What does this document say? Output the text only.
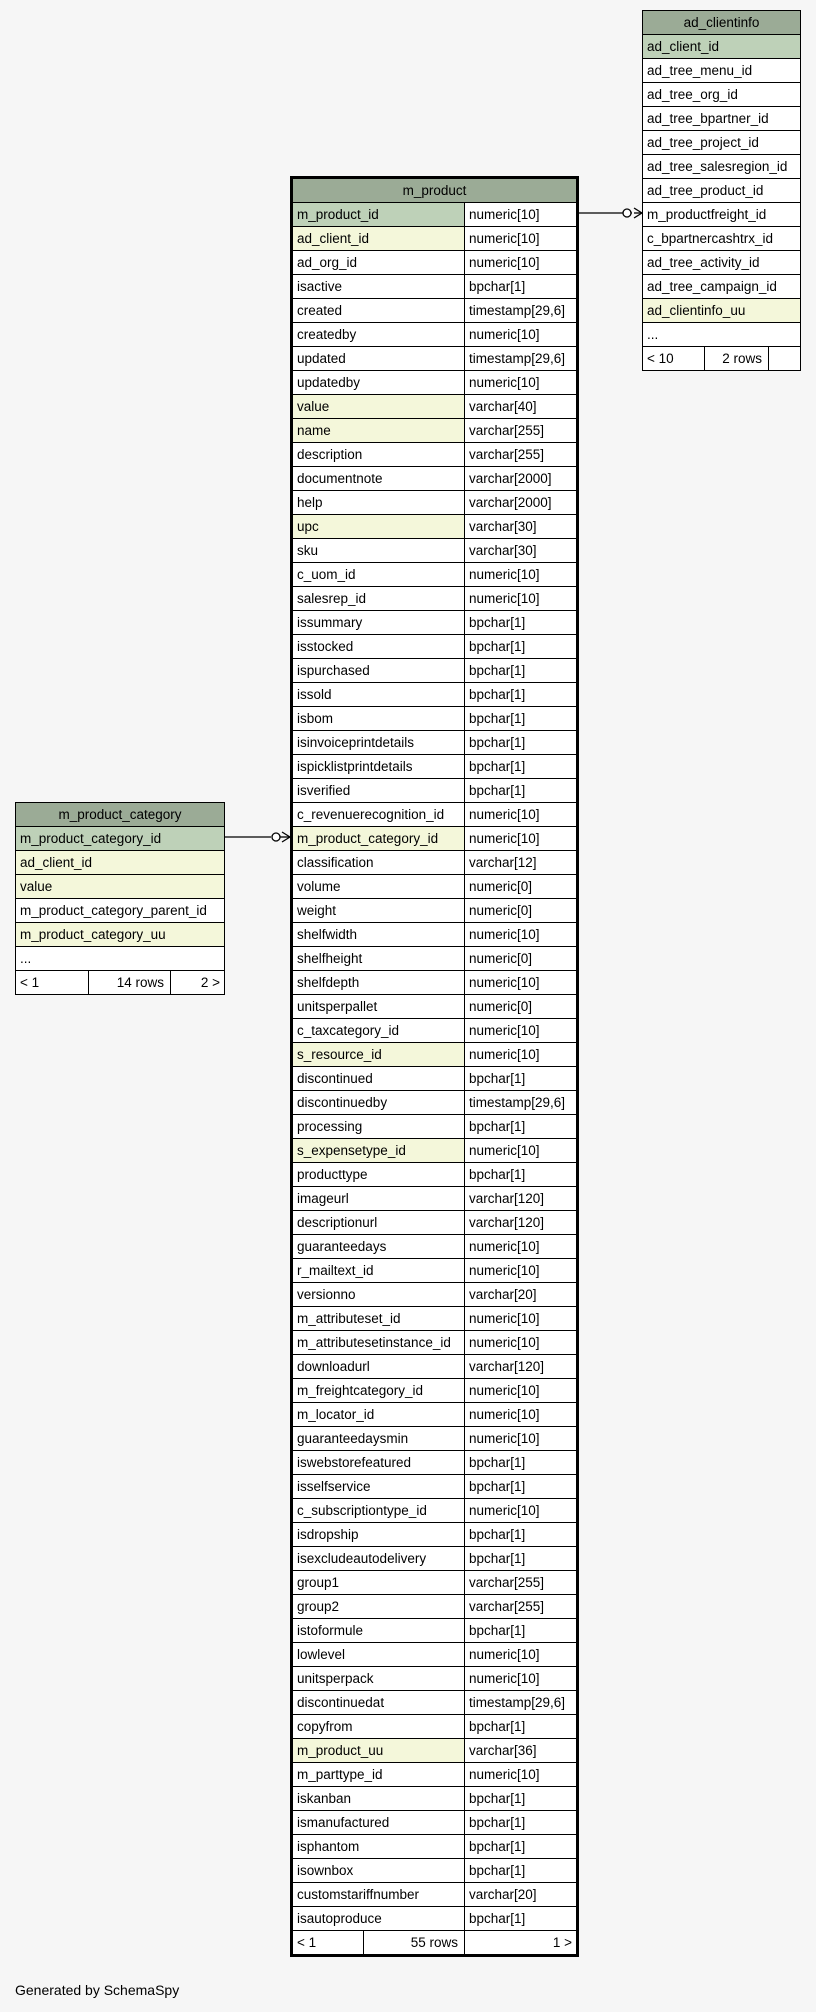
ad_clientinfo
ad_client_id
ad_tree_menu_id
ad_tree_org_id
ad_tree_bpartner_id
ad_tree_project_id
ad_tree_salesregion_id
ad_tree_product_id
m_productfreight_id
c_bpartnercashtrx_id
ad_tree_activity_id
ad_tree_campaign_id
ad_clientinfo_uu
...
< 10	2 rows	
m_product		
m_product_id		numeric[10]
ad_client_id		numeric[10]
ad_org_id		numeric[10]
isactive		bpchar[1]
created		timestamp[29,6]
createdby		numeric[10]
updated		timestamp[29,6]
updatedby		numeric[10]
value		varchar[40]
name		varchar[255]
description		varchar[255]
documentnote		varchar[2000]
help		varchar[2000]
upc		varchar[30]
sku		varchar[30]
c_uom_id		numeric[10]
salesrep_id		numeric[10]
issummary		bpchar[1]
isstocked		bpchar[1]
ispurchased		bpchar[1]
issold		bpchar[1]
isbom		bpchar[1]
isinvoiceprintdetails		bpchar[1]
ispicklistprintdetails		bpchar[1]
isverified		bpchar[1]
c_revenuerecognition_id		numeric[10]
m_product_category_id		numeric[10]
classification		varchar[12]
volume		numeric[0]
weight		numeric[0]
shelfwidth		numeric[10]
shelfheight		numeric[0]
shelfdepth		numeric[10]
unitsperpallet		numeric[0]
c_taxcategory_id		numeric[10]
s_resource_id		numeric[10]
discontinued		bpchar[1]
discontinuedby		timestamp[29,6]
processing		bpchar[1]
s_expensetype_id		numeric[10]
producttype		bpchar[1]
imageurl		varchar[120]
descriptionurl		varchar[120]
guaranteedays		numeric[10]
r_mailtext_id		numeric[10]
versionno		varchar[20]
m_attributeset_id		numeric[10]
m_attributesetinstance_id		numeric[10]
downloadurl		varchar[120]
m_freightcategory_id		numeric[10]
m_locator_id		numeric[10]
guaranteedaysmin		numeric[10]
iswebstorefeatured		bpchar[1]
isselfservice		bpchar[1]
c_subscriptiontype_id		numeric[10]
isdropship		bpchar[1]
isexcludeautodelivery		bpchar[1]
group1		varchar[255]
group2		varchar[255]
istoformule		bpchar[1]
lowlevel		numeric[10]
unitsperpack		numeric[10]
discontinuedat		timestamp[29,6]
copyfrom		bpchar[1]
m_product_uu		varchar[36]
m_parttype_id		numeric[10]
iskanban		bpchar[1]
ismanufactured		bpchar[1]
isphantom		bpchar[1]
isownbox		bpchar[1]
customstariffnumber		varchar[20]
isautoproduce		bpchar[1]
< 1	55 rows	1 >
m_product_category
m_product_category_id
ad_client_id
value
m_product_category_parent_id
m_product_category_uu
...
< 1	14 rows	2 >
Generated by SchemaSpy
